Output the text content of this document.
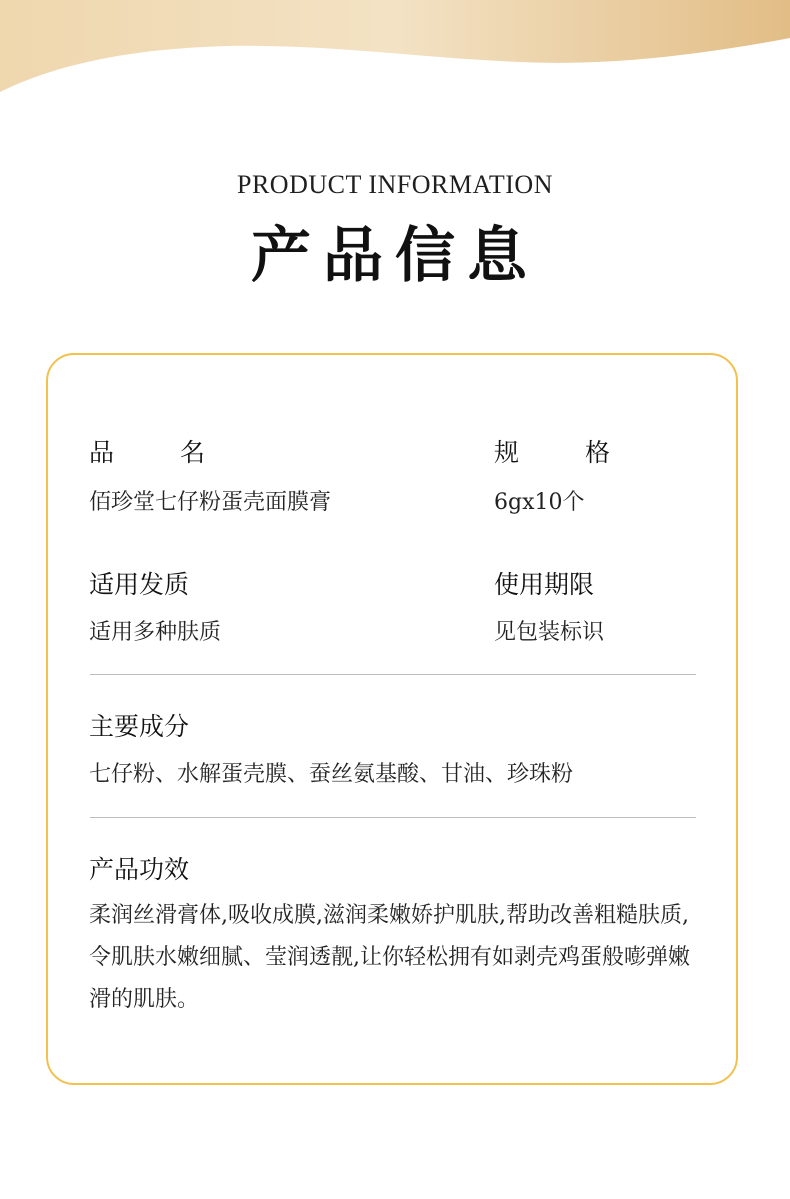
PRODUCT INFORMATION
产品信息
品名
佰珍堂七仔粉蛋壳面膜膏
规格
6gx10个
适用发质
适用多种肤质
使用期限
见包装标识
主要成分
七仔粉、水解蛋壳膜、蚕丝氨基酸、甘油、珍珠粉
产品功效
柔润丝滑膏体,吸收成膜,滋润柔嫩娇护肌肤,帮助改善粗糙肤质,令肌肤水嫩细腻、莹润透靓,让你轻松拥有如剥壳鸡蛋般嘭弹嫩滑的肌肤。
